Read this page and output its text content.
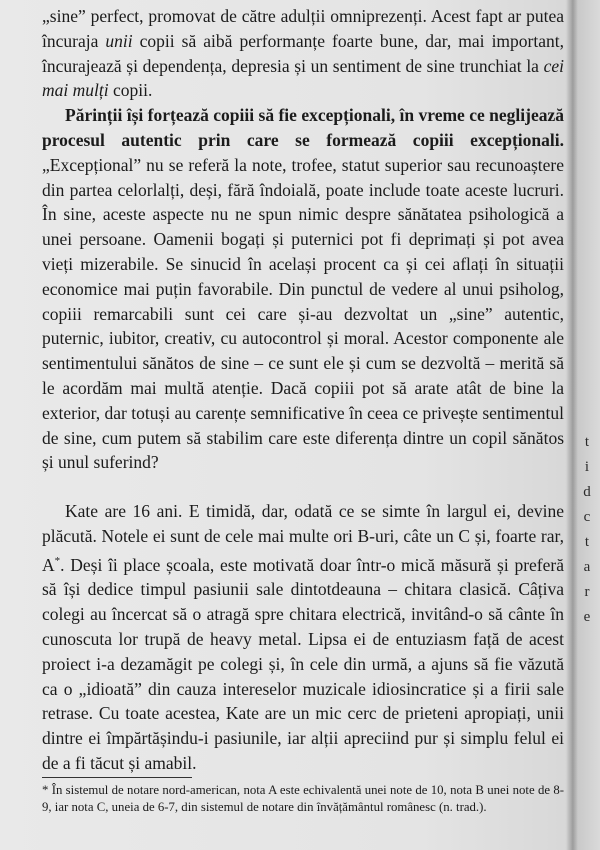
„sine” perfect, promovat de către adulții omniprezenți. Acest fapt ar putea încuraja unii copii să aibă performanțe foarte bune, dar, mai important, încurajează și dependența, depresia și un sentiment de sine trunchiat la cei mai mulți copii.

Părinții își forțează copiii să fie excepționali, în vreme ce neglijează procesul autentic prin care se formează copiii excepționali. „Excepțional” nu se referă la note, trofee, statut superior sau recunoaștere din partea celorlalți, deși, fără îndoială, poate include toate aceste lucruri. În sine, aceste aspecte nu ne spun nimic despre sănătatea psihologică a unei persoane. Oamenii bogați și puternici pot fi deprimați și pot avea vieți mizerabile. Se sinucid în același procent ca și cei aflați în situații economice mai puțin favorabile. Din punctul de vedere al unui psiholog, copiii remarcabili sunt cei care și-au dezvoltat un „sine” autentic, puternic, iubitor, creativ, cu autocontrol și moral. Acestor componente ale sentimentului sănătos de sine – ce sunt ele și cum se dezvoltă – merită să le acordăm mai multă atenție. Dacă copiii pot să arate atât de bine la exterior, dar totuși au carențe semnificative în ceea ce privește sentimentul de sine, cum putem să stabilim care este diferența dintre un copil sănătos și unul suferind?

Kate are 16 ani. E timidă, dar, odată ce se simte în largul ei, devine plăcută. Notele ei sunt de cele mai multe ori B-uri, câte un C și, foarte rar, A*. Deși îi place școala, este motivată doar într-o mică măsură și preferă să își dedice timpul pasiunii sale dintotdeauna – chitara clasică. Câțiva colegi au încercat să o atragă spre chitara electrică, invitând-o să cânte în cunoscuta lor trupă de heavy metal. Lipsa ei de entuziasm față de acest proiect i-a dezamăgit pe colegi și, în cele din urmă, a ajuns să fie văzută ca o „idioată” din cauza intereselor muzicale idiosincratice și a firii sale retrase. Cu toate acestea, Kate are un mic cerc de prieteni apropiați, unii dintre ei împărtășindu-i pasiunile, iar alții apreciind pur și simplu felul ei de a fi tăcut și amabil.

* În sistemul de notare nord-american, nota A este echivalentă unei note de 10, nota B unei note de 8-9, iar nota C, uneia de 6-7, din sistemul de notare din învățământul românesc (n. trad.).
t
i
d
c
t
a
r
e
